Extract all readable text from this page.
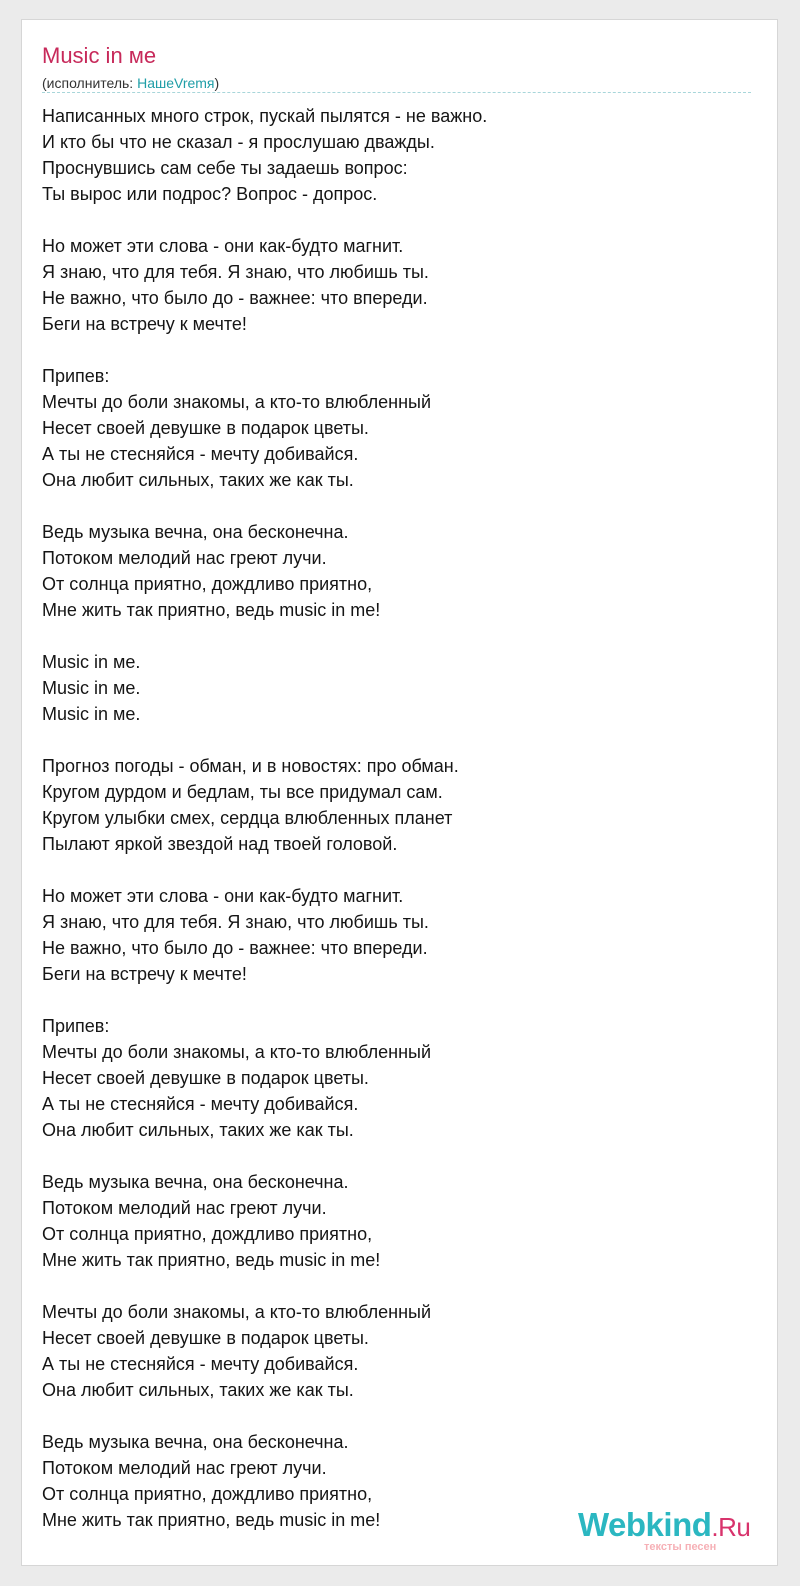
Music in ме
(исполнитель: НашеVremя)
Написанных много строк, пускай пылятся - не важно.
И кто бы что не сказал - я прослушаю дважды.
Проснувшись сам себе ты задаешь вопрос:
Ты вырос или подрос? Вопрос - допрос.
Но может эти слова - они как-будто магнит.
Я знаю, что для тебя. Я знаю, что любишь ты.
Не важно, что было до - важнее: что впереди.
Беги на встречу к мечте!
Припев:
Мечты до боли знакомы, а кто-то влюбленный
Несет своей девушке в подарок цветы.
А ты не стесняйся - мечту добивайся.
Она любит сильных, таких же как ты.
Ведь музыка вечна, она бесконечна.
Потоком мелодий нас греют лучи.
От солнца приятно, дождливо приятно,
Мне жить так приятно, ведь music in me!
Music in ме.
Music in ме.
Music in ме.
Прогноз погоды - обман, и в новостях: про обман.
Кругом дурдом и бедлам, ты все придумал сам.
Кругом улыбки смех, сердца влюбленных планет
Пылают яркой звездой над твоей головой.
Но может эти слова - они как-будто магнит.
Я знаю, что для тебя. Я знаю, что любишь ты.
Не важно, что было до - важнее: что впереди.
Беги на встречу к мечте!
Припев:
Мечты до боли знакомы, а кто-то влюбленный
Несет своей девушке в подарок цветы.
А ты не стесняйся - мечту добивайся.
Она любит сильных, таких же как ты.
Ведь музыка вечна, она бесконечна.
Потоком мелодий нас греют лучи.
От солнца приятно, дождливо приятно,
Мне жить так приятно, ведь music in me!
Мечты до боли знакомы, а кто-то влюбленный
Несет своей девушке в подарок цветы.
А ты не стесняйся - мечту добивайся.
Она любит сильных, таких же как ты.
Ведь музыка вечна, она бесконечна.
Потоком мелодий нас греют лучи.
От солнца приятно, дождливо приятно,
Мне жить так приятно, ведь music in me!	Webkind.Ru
тексты песен
